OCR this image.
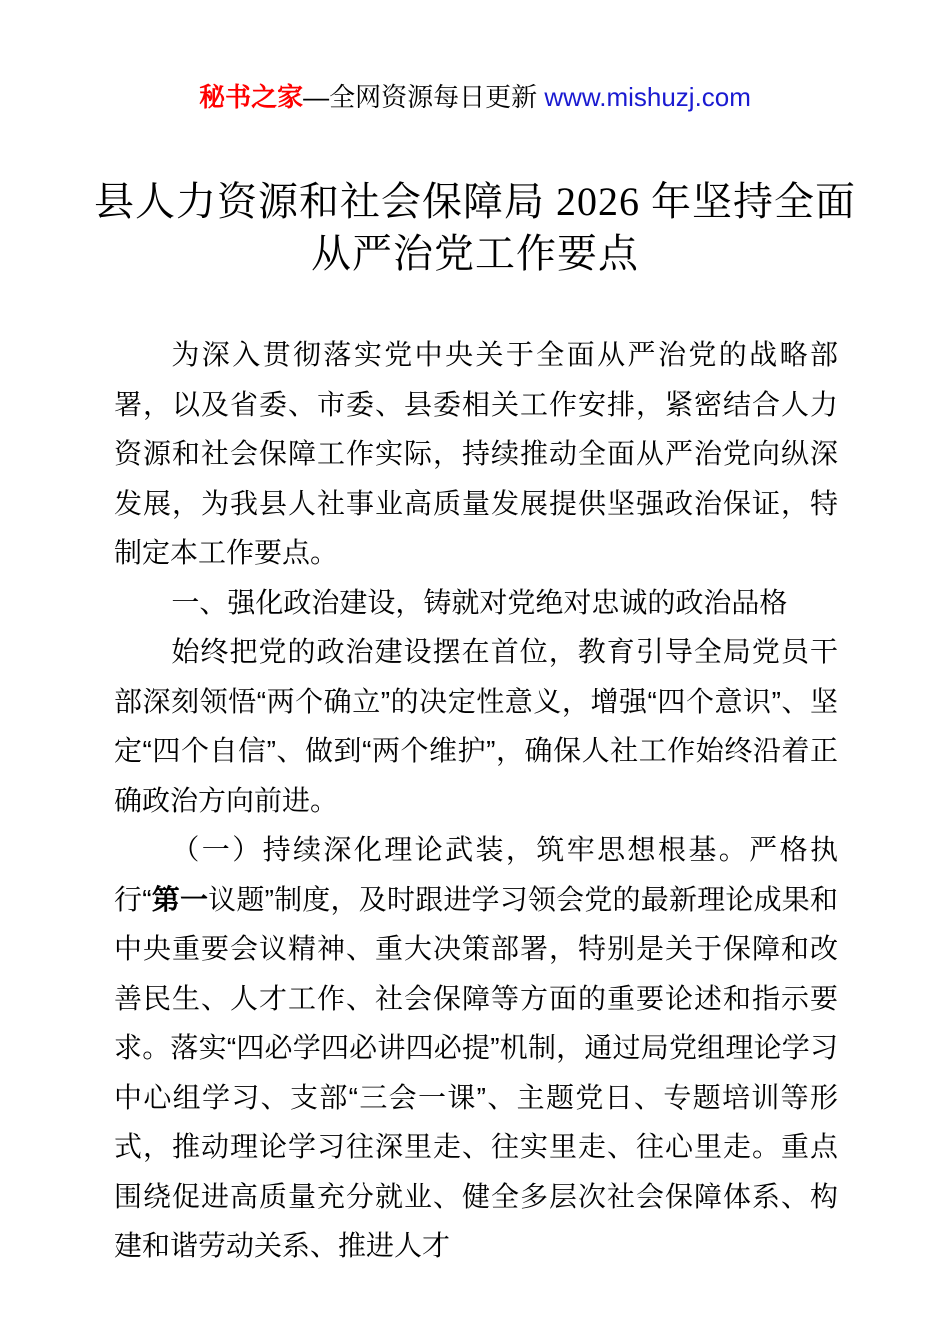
秘书之家—全网资源每日更新 www.mishuzj.com
县人力资源和社会保障局 2026 年坚持全面
从严治党工作要点

为深入贯彻落实党中央关于全面从严治党的战略部署，以及省委、市委、县委相关工作安排，紧密结合人力资源和社会保障工作实际，持续推动全面从严治党向纵深发展，为我县人社事业高质量发展提供坚强政治保证，特制定本工作要点。

一、强化政治建设，铸就对党绝对忠诚的政治品格

始终把党的政治建设摆在首位，教育引导全局党员干部深刻领悟“两个确立”的决定性意义，增强“四个意识”、坚定“四个自信”、做到“两个维护”，确保人社工作始终沿着正确政治方向前进。

（一）持续深化理论武装，筑牢思想根基。严格执行“第一议题”制度，及时跟进学习领会党的最新理论成果和中央重要会议精神、重大决策部署，特别是关于保障和改善民生、人才工作、社会保障等方面的重要论述和指示要求。落实“四必学四必讲四必提”机制，通过局党组理论学习中心组学习、支部“三会一课”、主题党日、专题培训等形式，推动理论学习往深里走、往实里走、往心里走。重点围绕促进高质量充分就业、健全多层次社会保障体系、构建和谐劳动关系、推进人才
